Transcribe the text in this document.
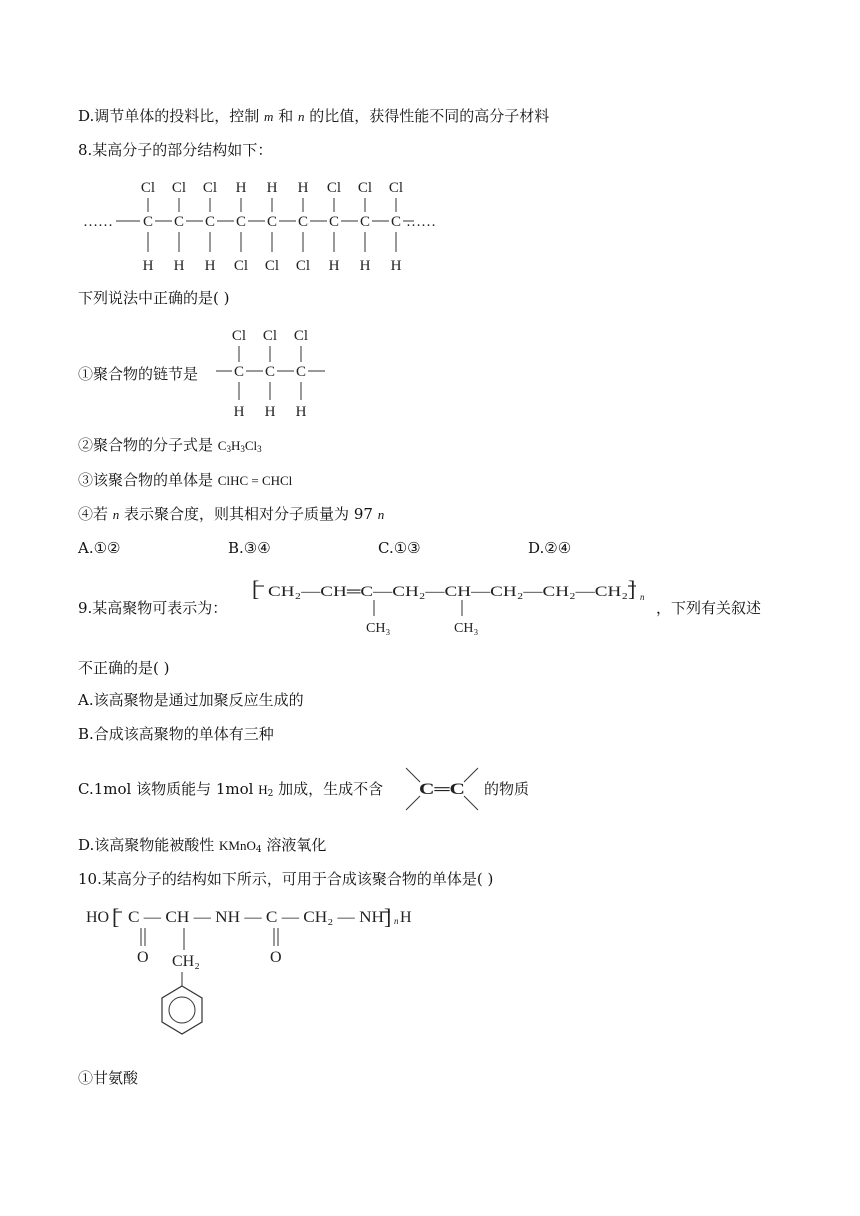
D.调节单体的投料比，控制 m 和 n 的比值，获得性能不同的高分子材料
8.某高分子的部分结构如下：
……	……
C
Cl
H
C
Cl
H
C
Cl
H
C
H
Cl
C
H
Cl
C
H
Cl
C
Cl
H
C
Cl
H
C
Cl
H
下列说法中正确的是( )
①聚合物的链节是 C
Cl
H
C
Cl
H
C
Cl
H
②聚合物的分子式是 $C_3H_3Cl_3$
③该聚合物的单体是 ClHC = CHCl
④若 n 表示聚合度，则其相对分子质量为 97 n
A.①②	B.③④	C.①③	D.②④
9.某高聚物可表示为：
[ CH₂—CH═C—CH₂—CH—CH₂—CH₂—CH₂ ] n
CH₃	CH₃
，下列有关叙述
不正确的是( )
A.该高聚物是通过加聚反应生成的
B.合成该高聚物的单体有三种
C.1mol 该物质能与 1mol $H_2$ 加成，生成不含 C═C 的物质
D.该高聚物能被酸性 KMnO$_4$ 溶液氧化
10.某高分子的结构如下所示，可用于合成该聚合物的单体是( )
HO [ C — CH — NH — C — CH₂ — NH ] n H
O	O
CH₂
①甘氨酸
